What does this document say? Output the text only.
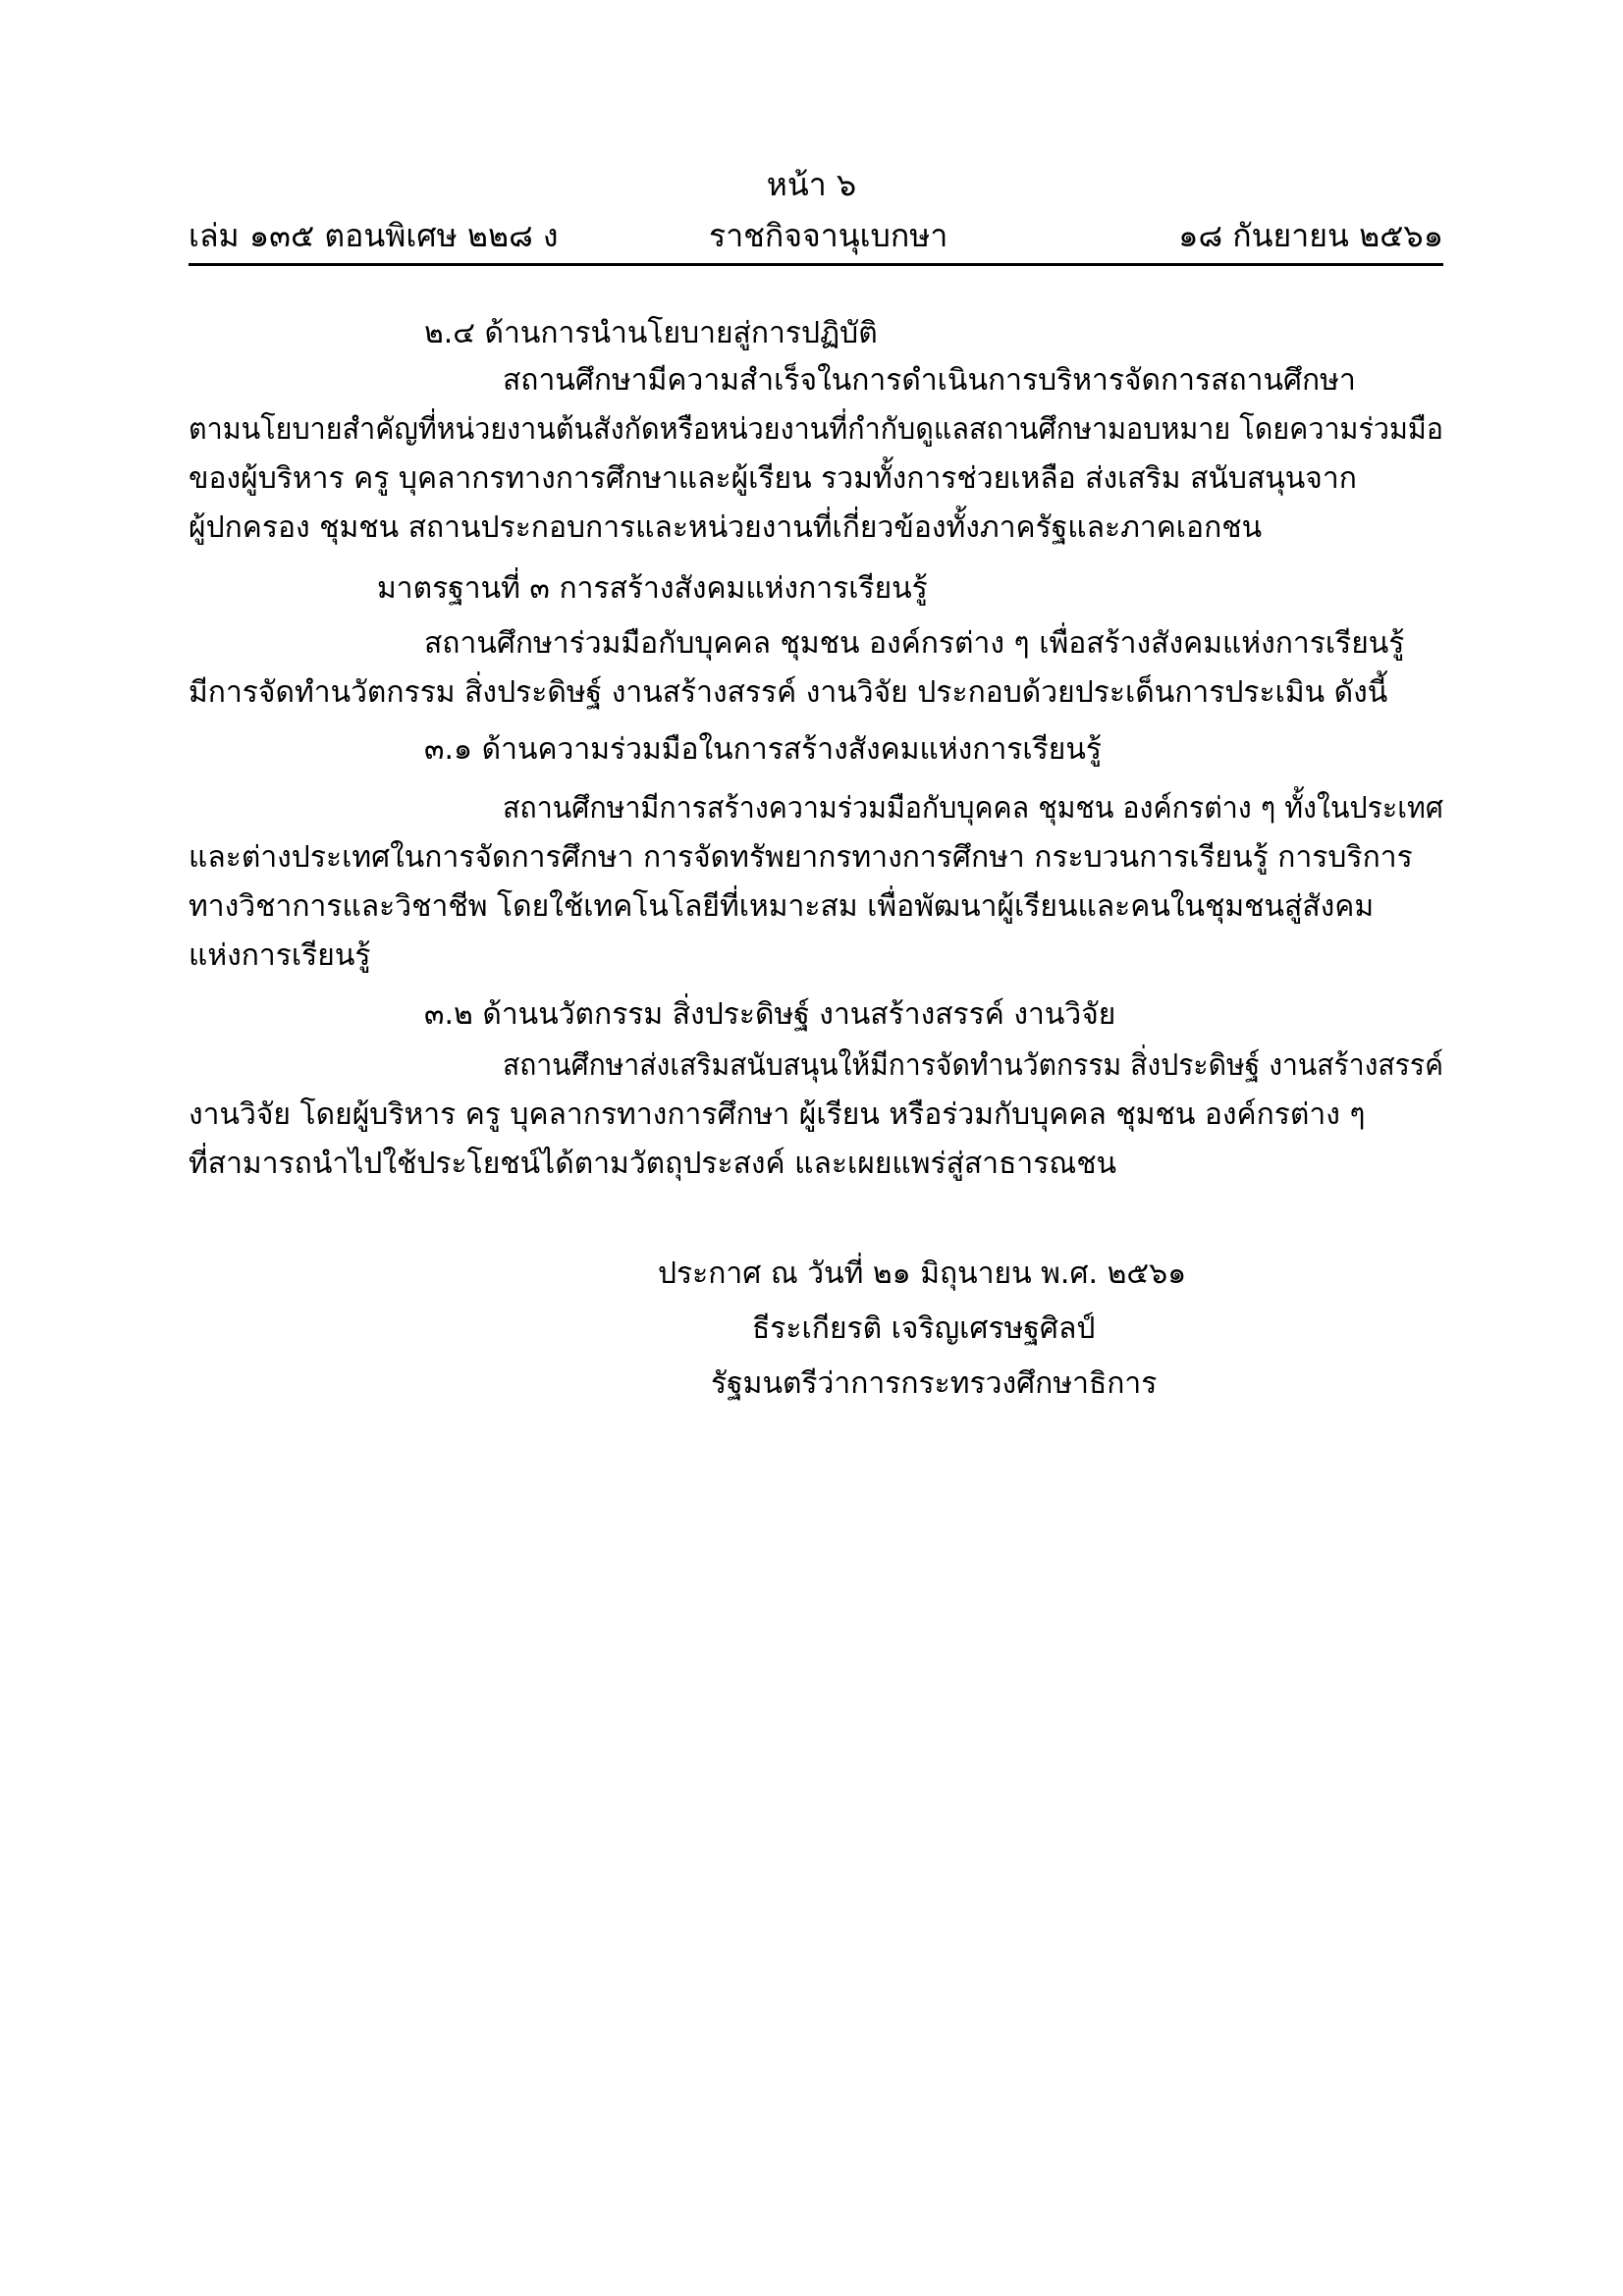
หน้า ๖
เล่ม ๑๓๕ ตอนพิเศษ ๒๒๘ ง	ราชกิจจานุเบกษา	๑๘ กันยายน ๒๕๖๑
๒.๔ ด้านการนำนโยบายสู่การปฏิบัติ
สถานศึกษามีความสำเร็จในการดำเนินการบริหารจัดการสถานศึกษา
ตามนโยบายสำคัญที่หน่วยงานต้นสังกัดหรือหน่วยงานที่กำกับดูแลสถานศึกษามอบหมาย โดยความร่วมมือ
ของผู้บริหาร ครู บุคลากรทางการศึกษาและผู้เรียน รวมทั้งการช่วยเหลือ ส่งเสริม สนับสนุนจาก
ผู้ปกครอง ชุมชน สถานประกอบการและหน่วยงานที่เกี่ยวข้องทั้งภาครัฐและภาคเอกชน
มาตรฐานที่ ๓ การสร้างสังคมแห่งการเรียนรู้
สถานศึกษาร่วมมือกับบุคคล ชุมชน องค์กรต่าง ๆ เพื่อสร้างสังคมแห่งการเรียนรู้
มีการจัดทำนวัตกรรม สิ่งประดิษฐ์ งานสร้างสรรค์ งานวิจัย ประกอบด้วยประเด็นการประเมิน ดังนี้
๓.๑ ด้านความร่วมมือในการสร้างสังคมแห่งการเรียนรู้
สถานศึกษามีการสร้างความร่วมมือกับบุคคล ชุมชน องค์กรต่าง ๆ ทั้งในประเทศ
และต่างประเทศในการจัดการศึกษา การจัดทรัพยากรทางการศึกษา กระบวนการเรียนรู้ การบริการ
ทางวิชาการและวิชาชีพ โดยใช้เทคโนโลยีที่เหมาะสม เพื่อพัฒนาผู้เรียนและคนในชุมชนสู่สังคม
แห่งการเรียนรู้
๓.๒ ด้านนวัตกรรม สิ่งประดิษฐ์ งานสร้างสรรค์ งานวิจัย
สถานศึกษาส่งเสริมสนับสนุนให้มีการจัดทำนวัตกรรม สิ่งประดิษฐ์ งานสร้างสรรค์
งานวิจัย โดยผู้บริหาร ครู บุคลากรทางการศึกษา ผู้เรียน หรือร่วมกับบุคคล ชุมชน องค์กรต่าง ๆ
ที่สามารถนำไปใช้ประโยชน์ได้ตามวัตถุประสงค์ และเผยแพร่สู่สาธารณชน
ประกาศ ณ วันที่ ๒๑ มิถุนายน พ.ศ. ๒๕๖๑
ธีระเกียรติ เจริญเศรษฐศิลป์
รัฐมนตรีว่าการกระทรวงศึกษาธิการ
